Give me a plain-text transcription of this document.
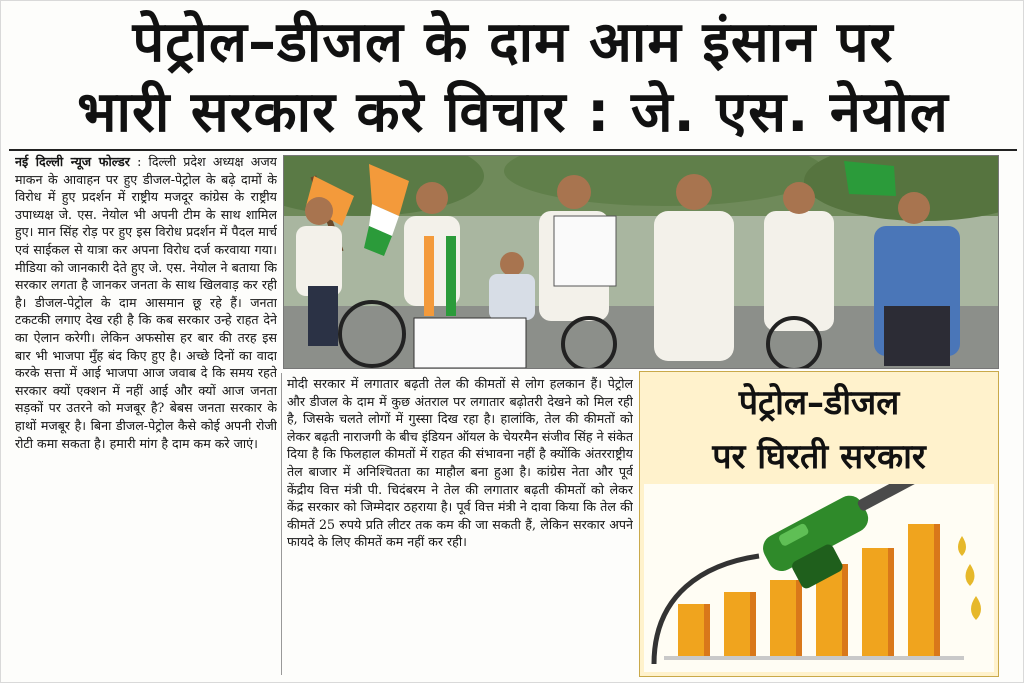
पेट्रोल–डीजल के दाम आम इंसान पर
भारी सरकार करे विचार : जे. एस. नेयोल
नई दिल्ली न्यूज फोल्डर : दिल्ली प्रदेश अध्यक्ष अजय माकन के आवाहन पर हुए डीजल-पेट्रोल के बढ़े दामों के विरोध में हुए प्रदर्शन में राष्ट्रीय मजदूर कांग्रेस के राष्ट्रीय उपाध्यक्ष जे. एस. नेयोल भी अपनी टीम के साथ शामिल हुए। मान सिंह रोड़ पर हुए इस विरोध प्रदर्शन में पैदल मार्च एवं साईकल से यात्रा कर अपना विरोध दर्ज करवाया गया। मीडिया को जानकारी देते हुए जे. एस. नेयोल ने बताया कि सरकार लगता है जानकर जनता के साथ खिलवाड़ कर रही है। डीजल-पेट्रोल के दाम आसमान छू रहे हैं। जनता टकटकी लगाए देख रही है कि कब सरकार उन्हे राहत देने का ऐलान करेगी। लेकिन अफसोस हर बार की तरह इस बार भी भाजपा मुँह बंद किए हुए है। अच्छे दिनों का वादा करके सत्ता में आई भाजपा आज जवाब दे कि समय रहते सरकार क्यों एक्शन में नहीं आई और क्यों आज जनता सड़कों पर उतरने को मजबूर है? बेबस जनता सरकार के हाथों मजबूर है। बिना डीजल-पेट्रोल कैसे कोई अपनी रोजी रोटी कमा सकता है। हमारी मांग है दाम कम करे जाएं।
मोदी सरकार में लगातार बढ़ती तेल की कीमतों से लोग हलकान हैं। पेट्रोल और डीजल के दाम में कुछ अंतराल पर लगातार बढ़ोतरी देखने को मिल रही है, जिसके चलते लोगों में गुस्सा दिख रहा है। हालांकि, तेल की कीमतों को लेकर बढ़ती नाराजगी के बीच इंडियन ऑयल के चेयरमैन संजीव सिंह ने संकेत दिया है कि फिलहाल कीमतों में राहत की संभावना नहीं है क्योंकि अंतरराष्ट्रीय तेल बाजार में अनिश्चितता का माहौल बना हुआ है। कांग्रेस नेता और पूर्व केंद्रीय वित्त मंत्री पी. चिदंबरम ने तेल की लगातार बढ़ती कीमतों को लेकर केंद्र सरकार को जिम्मेदार ठहराया है। पूर्व वित्त मंत्री ने दावा किया कि तेल की कीमतें 25 रुपये प्रति लीटर तक कम की जा सकती हैं, लेकिन सरकार अपने फायदे के लिए कीमतें कम नहीं कर रही।
पेट्रोल–डीजल
पर घिरती सरकार
